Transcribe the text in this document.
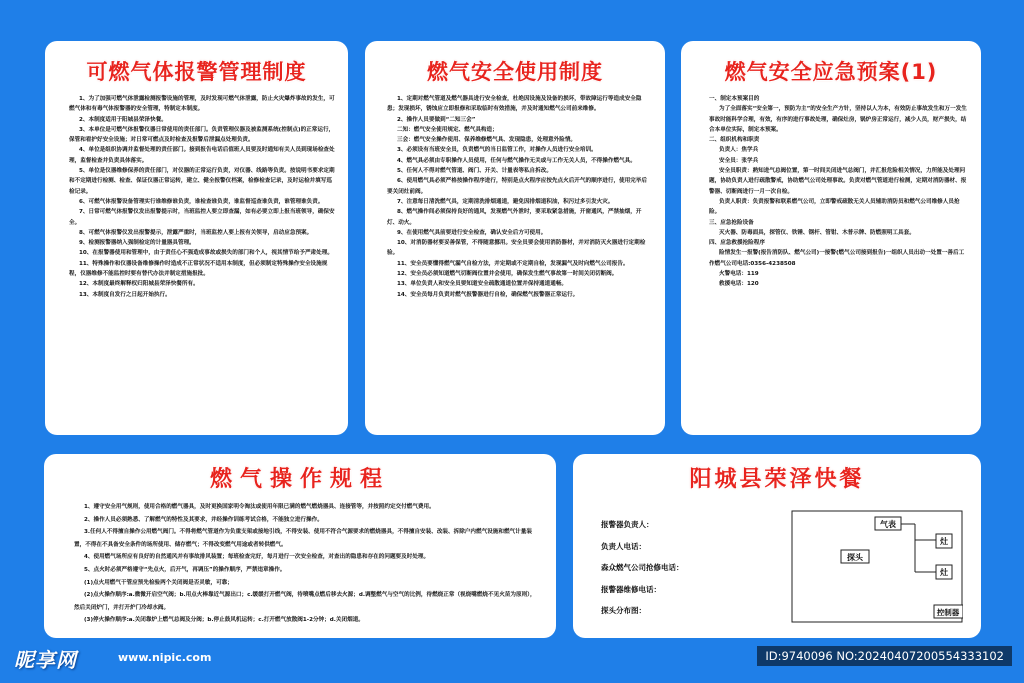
可燃气体报警管理制度

1、为了加强可燃气体泄露检测报警设施的管理，及时发现可燃气体泄露，防止火灾爆炸事故的发生，可燃气体和有毒气体报警器的安全管理，特制定本制度。

2、本制度适用于阳城县荣泽快餐。

3、本单位是可燃气体报警仪器日常使用的责任部门。负责管理仪器及被监测系统(控制点)的正常运行，保管和看护好安全设施；对日常可燃点及时检查及报警后泄漏点处理负责。

4、单位是组织协调并监督处理的责任部门。接到报告电话后值班人员要及时通知有关人员到现场检查处理，监督检查并负责具体落实。

5、单位是仪器维修保养的责任部门，对仪器的正常运行负责，对仪器、线路等负责。按说明书要求定期和不定期进行检测、检查、保证仪器正常运转，建立、健全报警仪档案，检修检查记录，及时运检并填写巡检记录。

6、可燃气体报警设备管理实行谁维修谁负责，谁检查谁负责，谁监督巡查谁负责，谁管理谁负责。

7、日常可燃气体报警仪发出报警提示时，当班监控人要立即查漏，如有必要立即上报当班领导，确保安全。

8、可燃气体报警仪发出报警提示，泄露严重时，当班监控人要上报有关领导，启动应急预案。

9、检测报警器纳入强制检定的计量器具管理。

10、在报警器使用和管理中，由于责任心不强造成事故或损失的部门和个人，视其情节给予严肃处理。

11、特殊操作和仪器设备维修操作时造成不正常状况不适用本制度，但必须制定特殊操作安全设施规程，仪器维修不能监控时要有替代办法并制定措施报批。

12、本制度最终解释权归阳城县荣泽快餐所有。

13、本制度自发行之日起开始执行。

燃气安全使用制度

1、定期对燃气管道及燃气器具进行安全检查，杜绝因设施及设备的损坏，带故障运行等造成安全隐患；发现损坏，锈蚀应立即报修和采取临时有效措施，并及时通知燃气公司前来维修。

2、操作人员要做到“二知三会”

二知：燃气安全使用规定、燃气具构造；

三会：燃气安全操作使用、保养维修燃气具、发现隐患，处理意外险情。

3、必须设有当班安全员，负责燃气的当日监管工作，对操作人员进行安全培训。

4、燃气具必须由专职操作人员使用，任何与燃气操作无关或与工作无关人员，不得操作燃气具。

5、任何人不得对燃气管道、阀门、开关、计量表等私自拆改。

6、使用燃气具必须严格按操作程序进行，特别是点火程序应按先点火后开气的顺序进行，使用完毕后要关闭灶前阀。

7、注意每日清洗燃气具，定期清洗排烟通道，避免因排烟道积油，积污过多引发火灾。

8、燃气操作间必须保持良好的通风，发现燃气外泄时，要采取紧急措施，开窗通风，严禁抽烟，开灯、动火。

9、在使用燃气具前要进行安全检查，确认安全后方可使用。

10、对消防器材要妥善保管，不得随意挪用。安全员要会使用消防器材，并对消防灭火器进行定期检验。

11、安全员要懂得燃气漏气自检方法，并定期或不定期自检，发现漏气及时向燃气公司报告。

12、安全员必须知道燃气切断阀位置并会使用，确保发生燃气事故第一时间关闭切断阀。

13、单位负责人和安全员要知道安全疏散通道位置并保持通道通畅。

14、安全员每月负责对燃气报警器进行自检，确保燃气报警器正常运行。

燃气安全应急预案(1)

一、制定本预案目的

为了全面落实“安全第一，预防为主”的安全生产方针，坚持以人为本，有效防止事故发生和万一发生事故时能科学合理，有效，有序的进行事故处理，确保灶房，锅炉房正常运行，减少人员，财产损失，结合本单位实际，制定本预案。

二、组织机构和职责

负责人：焦学兵

安全员：张学兵

安全员职责：熟知进气总阀位置，第一时间关闭进气总阀门，并汇报危险相关情况，力所能及处理问题，协助负责人进行疏散警戒，协助燃气公司处理事故。负责对燃气管道进行检测，定期对消防器材、报警器、切断阀进行一月一次自检。

负责人职责：负责报警和联系燃气公司，立即警戒疏散无关人员辅助消防员和燃气公司维修人员抢险。

三、应急抢险设备

灭火器、防毒面具，探管仪、铁锤、钢杆、管钳、木普示牌、防燃照明工具套。

四、应急救援抢险程序

险情发生一报警(报告消防队、燃气公司)一接警(燃气公司接到报告)一组织人员出动一处置一善后工作燃气公司电话:0356-4238508

火警电话：119

救援电话：120

燃气操作规程

1、遵守安全用气规则，使用合格的燃气器具，及时更换国家明令淘汰或使用年限已满的燃气燃烧器具、连接管等，并按照约定交付燃气费用。

2、操作人员必须熟悉、了解燃气的特性及其要求，并经操作训练考试合格，不能独立进行操作。

3.任何人不得擅自操作公用燃气阀门。不得将燃气管道作为负重支架或接地引线，不得安装、使用不符合气源要求的燃烧器具，不得擅自安装、改装、拆除户内燃气设施和燃气计量装置，不得在不具备安全条件的场所使用、储存燃气；不得改变燃气用途或者转供燃气。

4、使用燃气场所应有良好的自然通风并有事故排风装置；每班检查完好，每月进行一次安全检查，对查出的隐患和存在的问题要及时处理。

5、点火时必须严格遵守“先点火，后开气，再调压”的操作顺序，严禁违章操作。

(1)点火用燃气干管应预先检验两个关闭阀是否灵敏，可靠；

(2)点火操作顺序:a.微微开启空气阀；b.用点火棒靠近气源出口；c.缓缓打开燃气阀，待喷嘴点燃后移去火源；d.调整燃气与空气的比例，待燃烧正常（视烧嘴燃烧不见火苗为原则），然后关闭炉门，并打开炉门冷却水阀。

(3)停火操作顺序:a.关闭靠炉上燃气总阀及分阀；b.停止鼓风机运转；c.打开燃气放散阀1-2分钟；d.关闭烟道。

阳城县荣泽快餐
报警器负责人：
负责人电话：
森众燃气公司抢修电话：
报警器维修电话：
探头分布图：
气表
灶
灶
探头
控制器
昵享网	www.nipic.com	ID:9740096 NO:20240407200554333102
